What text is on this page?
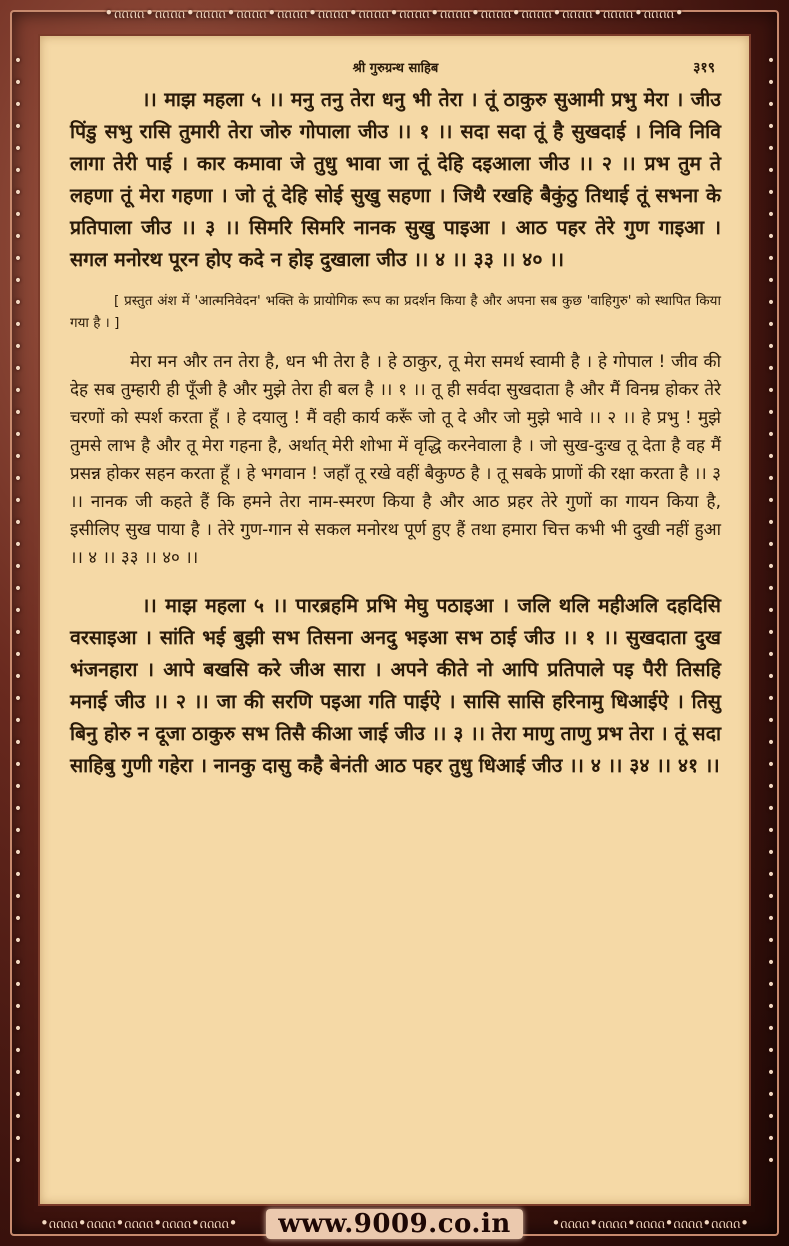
•ᦶᦶ•ᦶᦶ•ᦶᦶ•ᦶᦶ•ᦶᦶ•ᦶᦶ•ᦶᦶ•ᦶᦶ•ᦶᦶ•ᦶᦶ•ᦶᦶ•ᦶᦶ•ᦶᦶ•ᦶᦶ•
• • • • • • • • • • • • • • • • • • • • • • • • • • • • • • • • • • • • • • • • • • • • • • • • • • •
• • • • • • • • • • • • • • • • • • • • • • • • • • • • • • • • • • • • • • • • • • • • • • • • • • •
•ᦶᦶ•ᦶᦶ•ᦶᦶ•ᦶᦶ•ᦶᦶ•	•ᦶᦶ•ᦶᦶ•ᦶᦶ•ᦶᦶ•ᦶᦶ•
श्री गुरुग्रन्थ साहिब	३१९

।। माझ महला ५ ।। मनु तनु तेरा धनु भी तेरा । तूं ठाकुरु सुआमी प्रभु मेरा । जीउ पिंडु सभु रासि तुमारी तेरा जोरु गोपाला जीउ ।। १ ।। सदा सदा तूं है सुखदाई । निवि निवि लागा तेरी पाई । कार कमावा जे तुधु भावा जा तूं देहि दइआला जीउ ।। २ ।। प्रभ तुम ते लहणा तूं मेरा गहणा । जो तूं देहि सोई सुखु सहणा । जिथै रखहि बैकुंठु तिथाई तूं सभना के प्रतिपाला जीउ ।। ३ ।। सिमरि सिमरि नानक सुखु पाइआ । आठ पहर तेरे गुण गाइआ । सगल मनोरथ पूरन होए कदे न होइ दुखाला जीउ ।। ४ ।। ३३ ।। ४० ।।

[ प्रस्तुत अंश में 'आत्मनिवेदन' भक्ति के प्रायोगिक रूप का प्रदर्शन किया है और अपना सब कुछ 'वाहिगुरु' को स्थापित किया गया है । ]

मेरा मन और तन तेरा है, धन भी तेरा है । हे ठाकुर, तू मेरा समर्थ स्वामी है । हे गोपाल ! जीव की देह सब तुम्हारी ही पूँजी है और मुझे तेरा ही बल है ।। १ ।। तू ही सर्वदा सुखदाता है और मैं विनम्र होकर तेरे चरणों को स्पर्श करता हूँ । हे दयालु ! मैं वही कार्य करूँ जो तू दे और जो मुझे भावे ।। २ ।। हे प्रभु ! मुझे तुमसे लाभ है और तू मेरा गहना है, अर्थात् मेरी शोभा में वृद्धि करनेवाला है । जो सुख-दुःख तू देता है वह मैं प्रसन्न होकर सहन करता हूँ । हे भगवान ! जहाँ तू रखे वहीं बैकुण्ठ है । तू सबके प्राणों की रक्षा करता है ।। ३ ।। नानक जी कहते हैं कि हमने तेरा नाम-स्मरण किया है और आठ प्रहर तेरे गुणों का गायन किया है, इसीलिए सुख पाया है । तेरे गुण-गान से सकल मनोरथ पूर्ण हुए हैं तथा हमारा चित्त कभी भी दुखी नहीं हुआ ।। ४ ।। ३३ ।। ४० ।।

।। माझ महला ५ ।। पारब्रहमि प्रभि मेघु पठाइआ । जलि थलि महीअलि दहदिसि वरसाइआ । सांति भई बुझी सभ तिसना अनदु भइआ सभ ठाई जीउ ।। १ ।। सुखदाता दुख भंजनहारा । आपे बखसि करे जीअ सारा । अपने कीते नो आपि प्रतिपाले पइ पैरी तिसहि मनाई जीउ ।। २ ।। जा की सरणि पइआ गति पाईऐ । सासि सासि हरिनामु धिआईऐ । तिसु बिनु होरु न दूजा ठाकुरु सभ तिसै कीआ जाई जीउ ।। ३ ।। तेरा माणु ताणु प्रभ तेरा । तूं सदा साहिबु गुणी गहेरा । नानकु दासु कहै बेनंती आठ पहर तुधु धिआई जीउ ।। ४ ।। ३४ ।। ४१ ।।

www.9009.co.in
